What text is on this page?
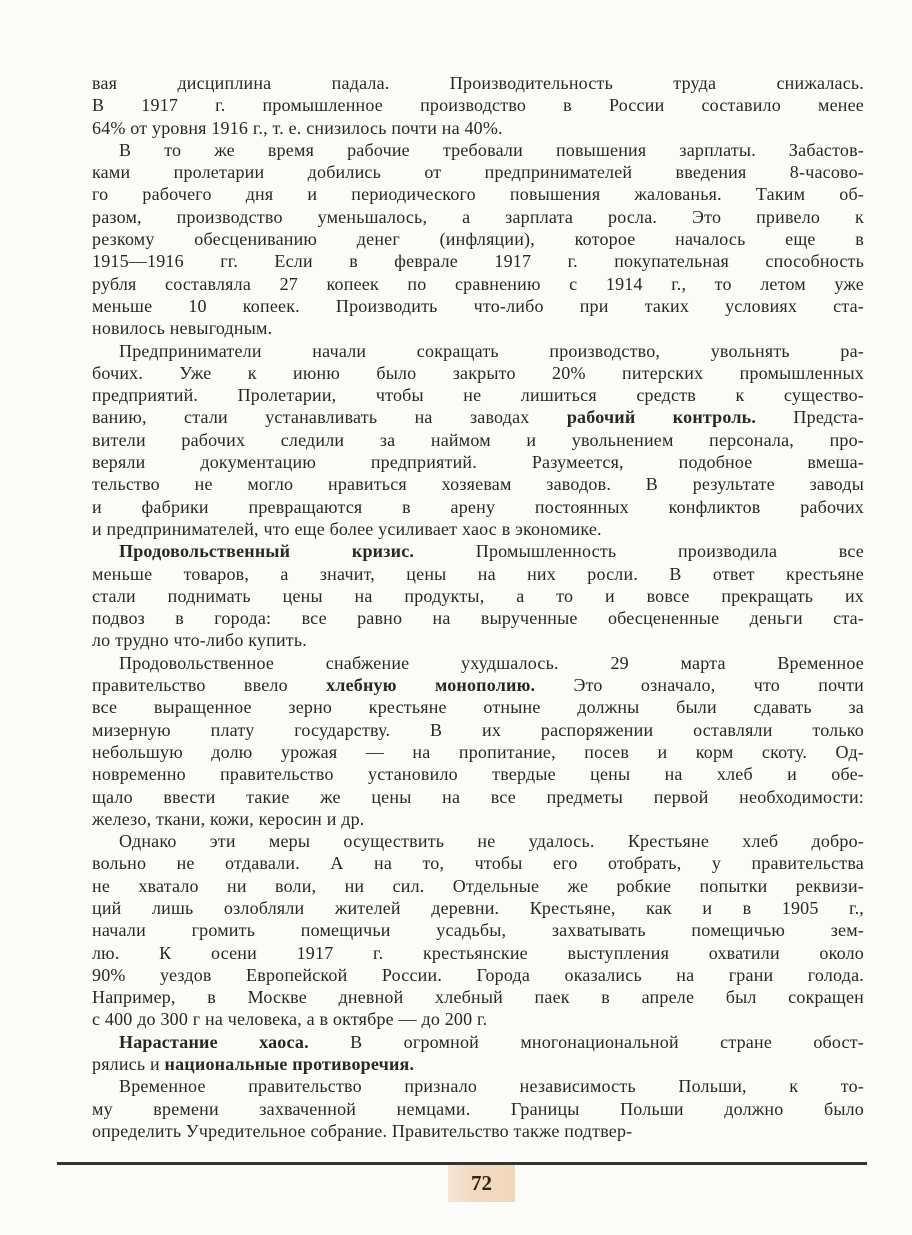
вая дисциплина падала. Производительность труда снижалась.
В 1917 г. промышленное производство в России составило менее
64% от уровня 1916 г., т. е. снизилось почти на 40%.
В то же время рабочие требовали повышения зарплаты. Забастов-
ками пролетарии добились от предпринимателей введения 8-часово-
го рабочего дня и периодического повышения жалованья. Таким об-
разом, производство уменьшалось, а зарплата росла. Это привело к
резкому обесцениванию денег (инфляции), которое началось еще в
1915—1916 гг. Если в феврале 1917 г. покупательная способность
рубля составляла 27 копеек по сравнению с 1914 г., то летом уже
меньше 10 копеек. Производить что-либо при таких условиях ста-
новилось невыгодным.
Предприниматели начали сокращать производство, увольнять ра-
бочих. Уже к июню было закрыто 20% питерских промышленных
предприятий. Пролетарии, чтобы не лишиться средств к существо-
ванию, стали устанавливать на заводах рабочий контроль. Предста-
вители рабочих следили за наймом и увольнением персонала, про-
веряли документацию предприятий. Разумеется, подобное вмеша-
тельство не могло нравиться хозяевам заводов. В результате заводы
и фабрики превращаются в арену постоянных конфликтов рабочих
и предпринимателей, что еще более усиливает хаос в экономике.
Продовольственный кризис. Промышленность производила все
меньше товаров, а значит, цены на них росли. В ответ крестьяне
стали поднимать цены на продукты, а то и вовсе прекращать их
подвоз в города: все равно на вырученные обесцененные деньги ста-
ло трудно что-либо купить.
Продовольственное снабжение ухудшалось. 29 марта Временное
правительство ввело хлебную монополию. Это означало, что почти
все выращенное зерно крестьяне отныне должны были сдавать за
мизерную плату государству. В их распоряжении оставляли только
небольшую долю урожая — на пропитание, посев и корм скоту. Од-
новременно правительство установило твердые цены на хлеб и обе-
щало ввести такие же цены на все предметы первой необходимости:
железо, ткани, кожи, керосин и др.
Однако эти меры осуществить не удалось. Крестьяне хлеб добро-
вольно не отдавали. А на то, чтобы его отобрать, у правительства
не хватало ни воли, ни сил. Отдельные же робкие попытки реквизи-
ций лишь озлобляли жителей деревни. Крестьяне, как и в 1905 г.,
начали громить помещичьи усадьбы, захватывать помещичью зем-
лю. К осени 1917 г. крестьянские выступления охватили около
90% уездов Европейской России. Города оказались на грани голода.
Например, в Москве дневной хлебный паек в апреле был сокращен
с 400 до 300 г на человека, а в октябре — до 200 г.
Нарастание хаоса. В огромной многонациональной стране обост-
рялись и национальные противоречия.
Временное правительство признало независимость Польши, к то-
му времени захваченной немцами. Границы Польши должно было
определить Учредительное собрание. Правительство также подтвер-
72
